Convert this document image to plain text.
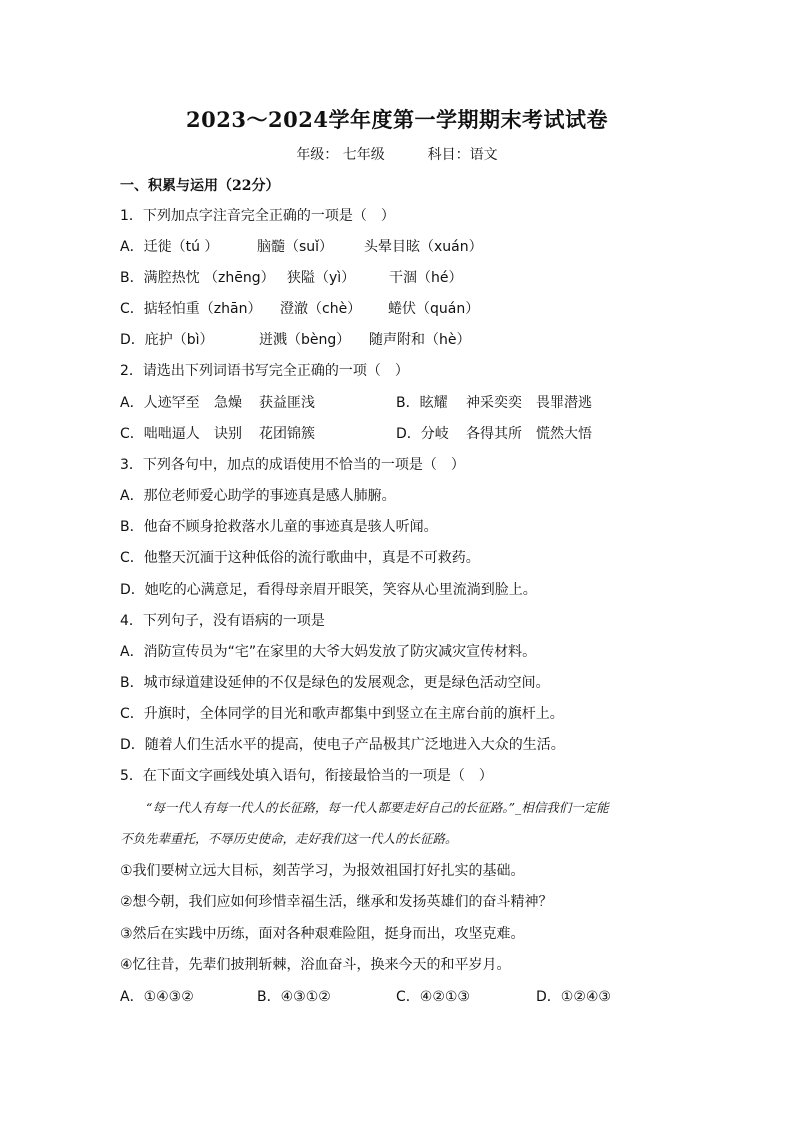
2023～2024学年度第一学期期末考试试卷
年级： 七年级	科目：语文
一、积累与运用（22分）
1．下列加点字注音完全正确的一项是（　）
A．迁徙（tú ）	脑髓（suǐ） 头晕目眩（xuán）
B．满腔热忱 （zhēng） 狭隘（yì） 干涸（hé）
C．掂轻怕重（zhān） 澄澈（chè） 蜷伏（quán）
D．庇护（bì）	迸溅（bèng） 随声附和（hè）
2．请选出下列词语书写完全正确的一项（　）
A．人迹罕至 急燥 获益匪浅	B．眩耀 神采奕奕 畏罪潜逃
C．咄咄逼人 诀别 花团锦簇	D．分岐 各得其所 慌然大悟
3．下列各句中，加点的成语使用不恰当的一项是（　）
A．那位老师爱心助学的事迹真是感人肺腑。
B．他奋不顾身抢救落水儿童的事迹真是骇人听闻。
C．他整天沉湎于这种低俗的流行歌曲中，真是不可救药。
D．她吃的心满意足，看得母亲眉开眼笑，笑容从心里流淌到脸上。
4．下列句子，没有语病的一项是
A．消防宣传员为“宅”在家里的大爷大妈发放了防灾减灾宣传材料。
B．城市绿道建设延伸的不仅是绿色的发展观念，更是绿色活动空间。
C．升旗时，全体同学的目光和歌声都集中到竖立在主席台前的旗杆上。
D．随着人们生活水平的提高，使电子产品极其广泛地进入大众的生活。
5．在下面文字画线处填入语句，衔接最恰当的一项是（　）
“每一代人有每一代人的长征路，每一代人都要走好自己的长征路。”_相信我们一定能
不负先辈重托，不辱历史使命，走好我们这一代人的长征路。
①我们要树立远大目标，刻苦学习，为报效祖国打好扎实的基础。
②想今朝，我们应如何珍惜幸福生活，继承和发扬英雄们的奋斗精神？
③然后在实践中历练，面对各种艰难险阻，挺身而出，攻坚克难。
④忆往昔，先辈们披荆斩棘，浴血奋斗，换来今天的和平岁月。
A．①④③②	B．④③①②	C．④②①③	D．①②④③
